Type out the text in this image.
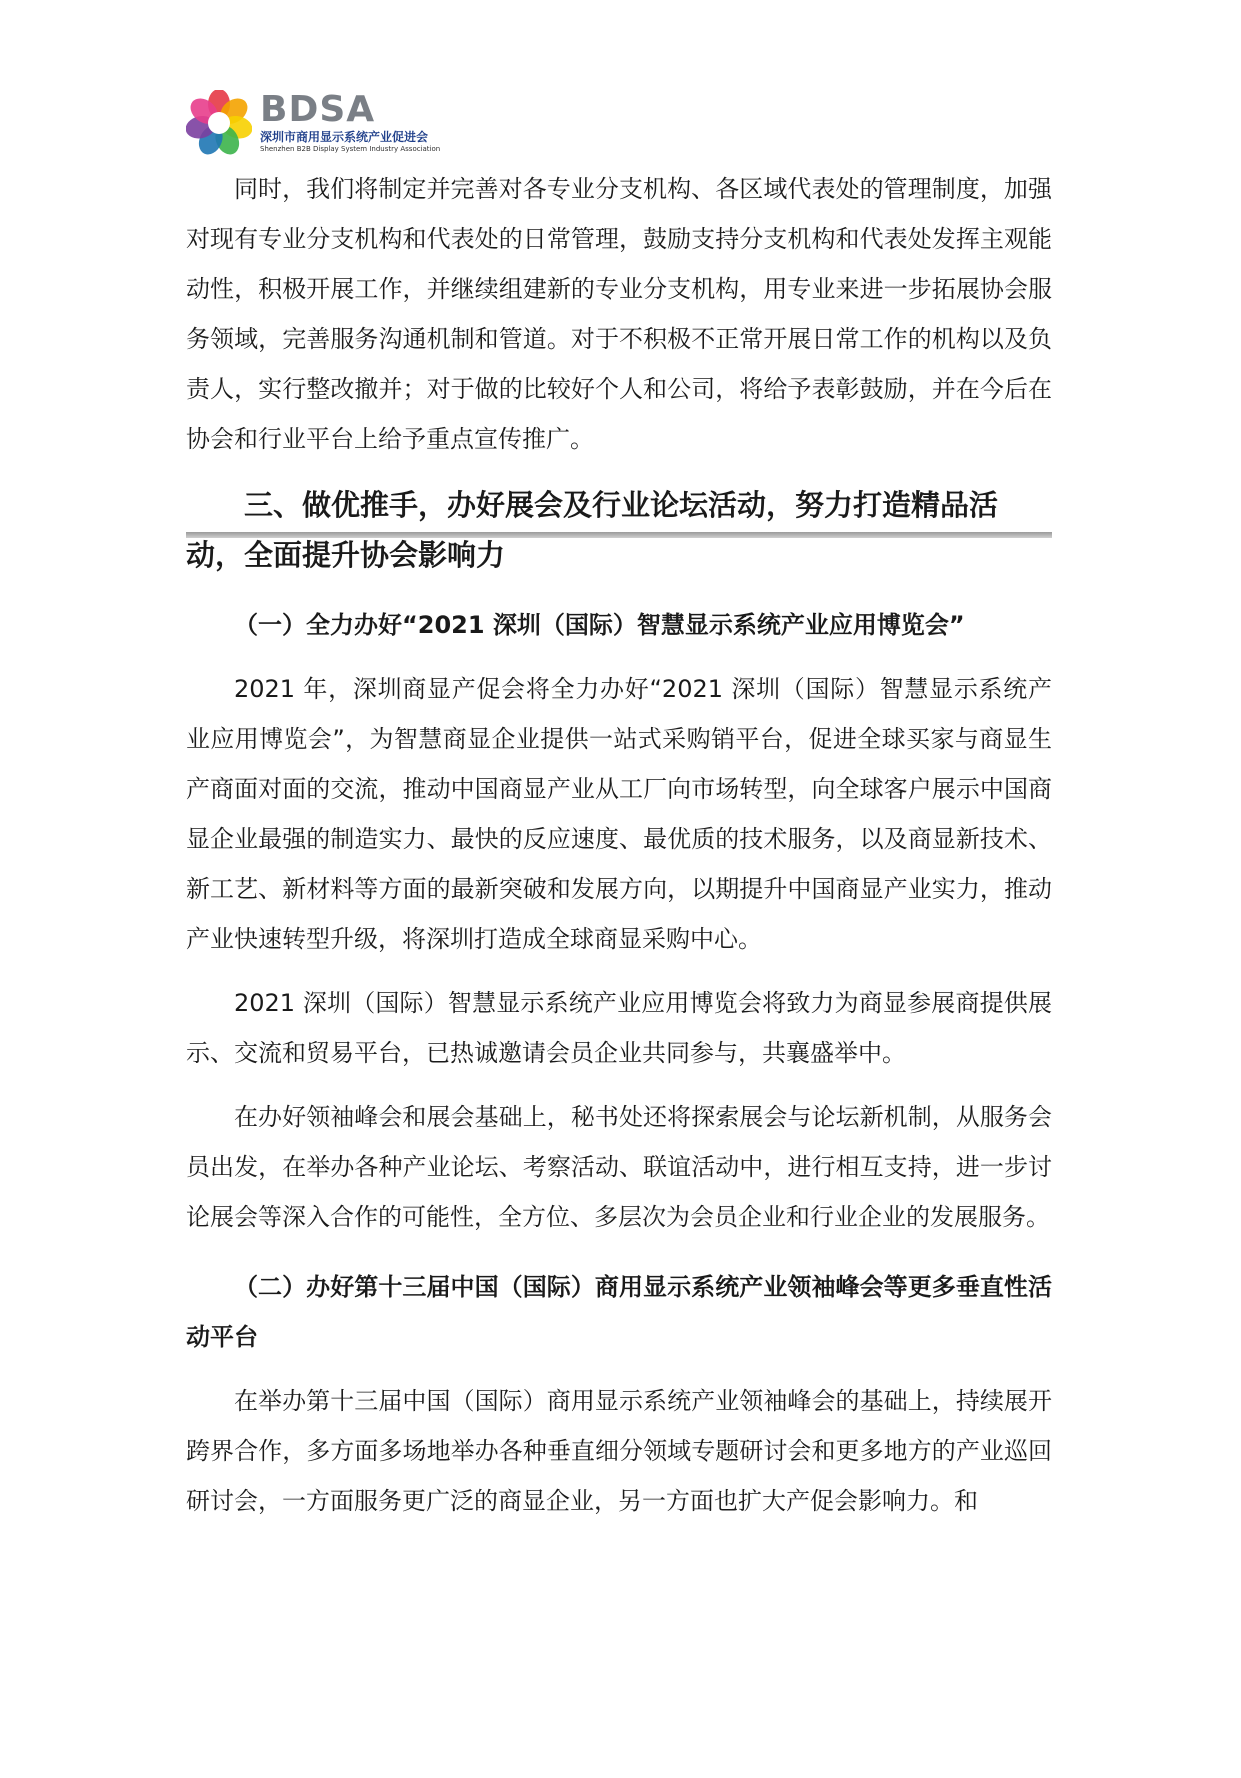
BDSA
深圳市商用显示系统产业促进会
Shenzhen B2B Display System Industry Association

同时，我们将制定并完善对各专业分支机构、各区域代表处的管理制度，加强对现有专业分支机构和代表处的日常管理，鼓励支持分支机构和代表处发挥主观能动性，积极开展工作，并继续组建新的专业分支机构，用专业来进一步拓展协会服务领域，完善服务沟通机制和管道。对于不积极不正常开展日常工作的机构以及负责人，实行整改撤并；对于做的比较好个人和公司，将给予表彰鼓励，并在今后在协会和行业平台上给予重点宣传推广。

三、做优推手，办好展会及行业论坛活动，努力打造精品活动，全面提升协会影响力
（一）全力办好“2021 深圳（国际）智慧显示系统产业应用博览会”

2021 年，深圳商显产促会将全力办好“2021 深圳（国际）智慧显示系统产业应用博览会”，为智慧商显企业提供一站式采购销平台，促进全球买家与商显生产商面对面的交流，推动中国商显产业从工厂向市场转型，向全球客户展示中国商显企业最强的制造实力、最快的反应速度、最优质的技术服务，以及商显新技术、新工艺、新材料等方面的最新突破和发展方向，以期提升中国商显产业实力，推动产业快速转型升级，将深圳打造成全球商显采购中心。

2021 深圳（国际）智慧显示系统产业应用博览会将致力为商显参展商提供展示、交流和贸易平台，已热诚邀请会员企业共同参与，共襄盛举中。

在办好领袖峰会和展会基础上，秘书处还将探索展会与论坛新机制，从服务会员出发，在举办各种产业论坛、考察活动、联谊活动中，进行相互支持，进一步讨论展会等深入合作的可能性，全方位、多层次为会员企业和行业企业的发展服务。

（二）办好第十三届中国（国际）商用显示系统产业领袖峰会等更多垂直性活动平台

在举办第十三届中国（国际）商用显示系统产业领袖峰会的基础上，持续展开跨界合作，多方面多场地举办各种垂直细分领域专题研讨会和更多地方的产业巡回研讨会，一方面服务更广泛的商显企业，另一方面也扩大产促会影响力。和
